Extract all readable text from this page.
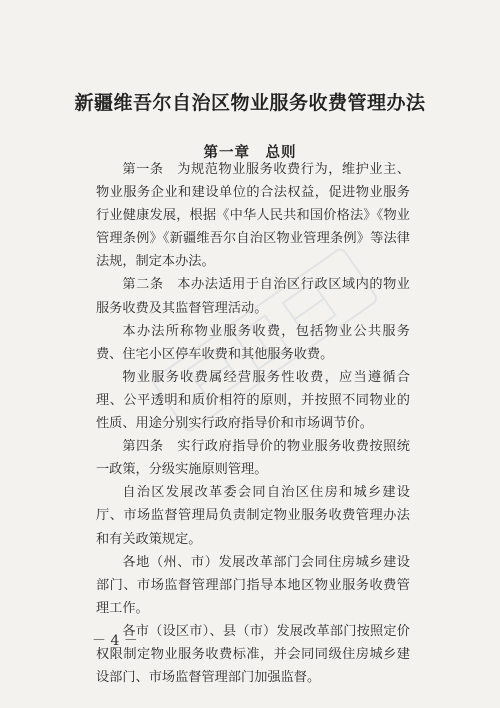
新疆维吾尔自治区物业服务收费管理办法
第一章　总则

第一条　为规范物业服务收费行为，维护业主、物业服务企业和建设单位的合法权益，促进物业服务行业健康发展，根据《中华人民共和国价格法》《物业管理条例》《新疆维吾尔自治区物业管理条例》等法律法规，制定本办法。

第二条　本办法适用于自治区行政区域内的物业服务收费及其监督管理活动。

本办法所称物业服务收费，包括物业公共服务费、住宅小区停车收费和其他服务收费。

物业服务收费属经营服务性收费，应当遵循合理、公平透明和质价相符的原则，并按照不同物业的性质、用途分别实行政府指导价和市场调节价。

第四条　实行政府指导价的物业服务收费按照统一政策，分级实施原则管理。

自治区发展改革委会同自治区住房和城乡建设厅、市场监督管理局负责制定物业服务收费管理办法和有关政策规定。

各地（州、市）发展改革部门会同住房城乡建设部门、市场监督管理部门指导本地区物业服务收费管理工作。

各市（设区市）、县（市）发展改革部门按照定价权限制定物业服务收费标准，并会同同级住房城乡建设部门、市场监督管理部门加强监督。

－ 4 －
